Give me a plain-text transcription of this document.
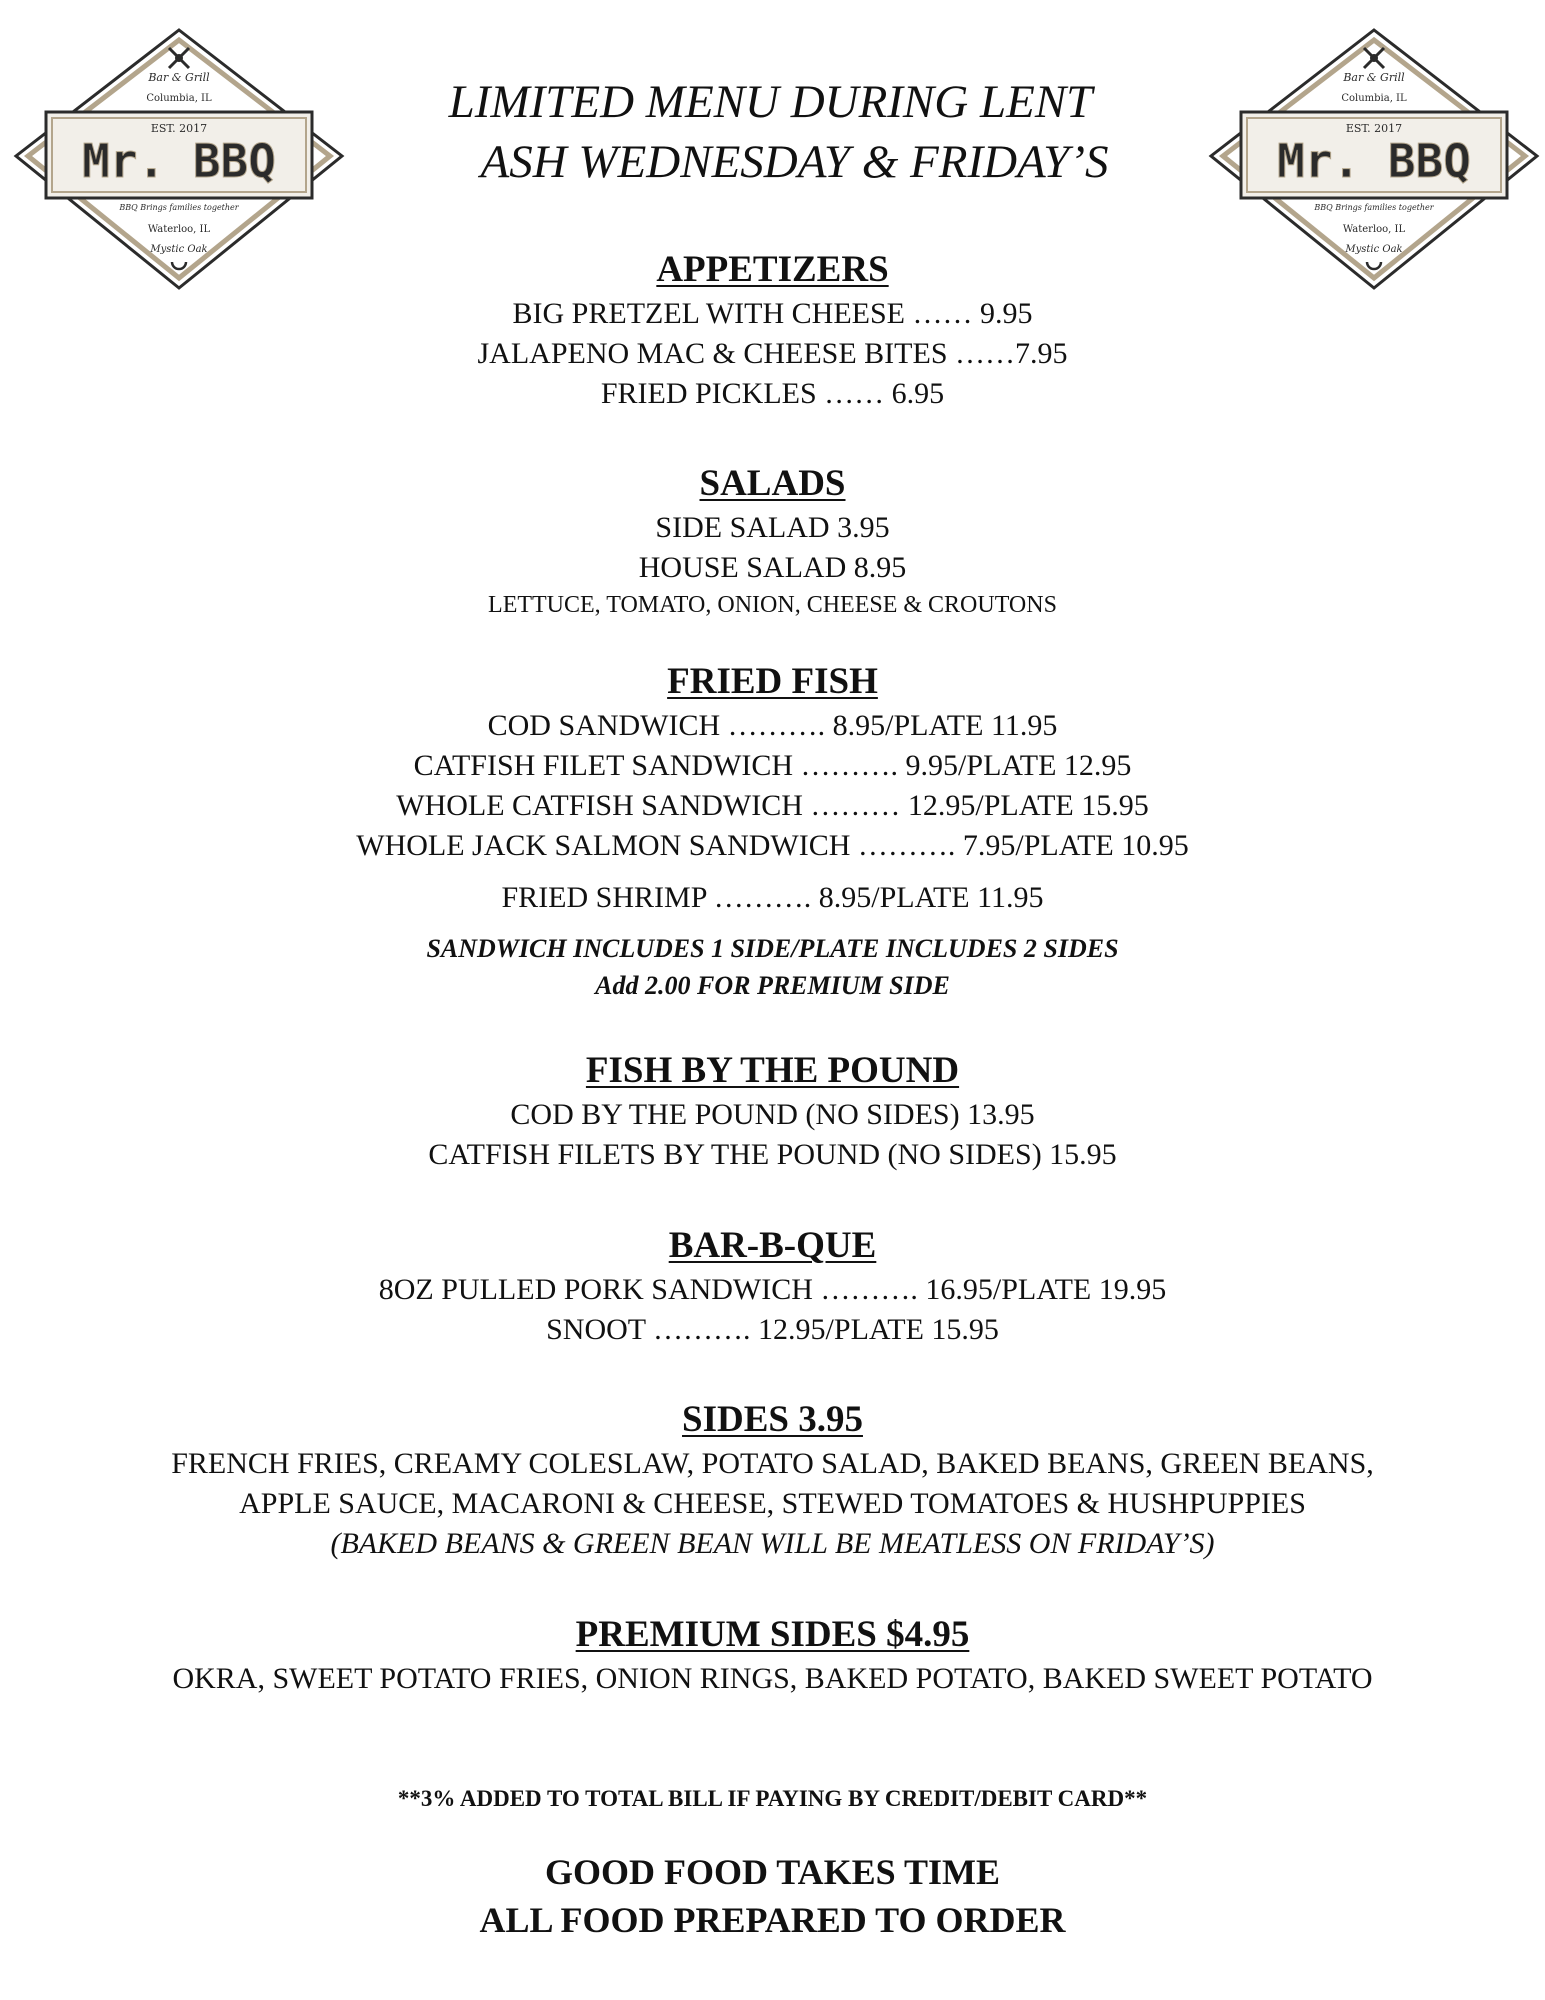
Bar & Grill
Columbia, IL
EST. 2017
Mr. BBQ
BBQ Brings families together
Waterloo, IL
Mystic Oak
Bar & Grill
Columbia, IL
EST. 2017
Mr. BBQ
BBQ Brings families together
Waterloo, IL
Mystic Oak
LIMITED MENU DURING LENT
ASH WEDNESDAY & FRIDAY’S
APPETIZERS

BIG PRETZEL WITH CHEESE …… 9.95

JALAPENO MAC & CHEESE BITES ……7.95

FRIED PICKLES …… 6.95

SALADS

SIDE SALAD 3.95

HOUSE SALAD 8.95

LETTUCE, TOMATO, ONION, CHEESE & CROUTONS

FRIED FISH

COD SANDWICH ………. 8.95/PLATE 11.95

CATFISH FILET SANDWICH ………. 9.95/PLATE 12.95

WHOLE CATFISH SANDWICH ……… 12.95/PLATE 15.95

WHOLE JACK SALMON SANDWICH ………. 7.95/PLATE 10.95

FRIED SHRIMP ………. 8.95/PLATE 11.95

SANDWICH INCLUDES 1 SIDE/PLATE INCLUDES 2 SIDES

Add 2.00 FOR PREMIUM SIDE

FISH BY THE POUND

COD BY THE POUND (NO SIDES) 13.95

CATFISH FILETS BY THE POUND (NO SIDES) 15.95

BAR-B-QUE

8OZ PULLED PORK SANDWICH ………. 16.95/PLATE 19.95

SNOOT ………. 12.95/PLATE 15.95

SIDES 3.95

FRENCH FRIES, CREAMY COLESLAW, POTATO SALAD, BAKED BEANS, GREEN BEANS,

APPLE SAUCE, MACARONI & CHEESE, STEWED TOMATOES & HUSHPUPPIES

(BAKED BEANS & GREEN BEAN WILL BE MEATLESS ON FRIDAY’S)

PREMIUM SIDES $4.95

OKRA, SWEET POTATO FRIES, ONION RINGS, BAKED POTATO, BAKED SWEET POTATO

**3% ADDED TO TOTAL BILL IF PAYING BY CREDIT/DEBIT CARD**

GOOD FOOD TAKES TIME

ALL FOOD PREPARED TO ORDER
